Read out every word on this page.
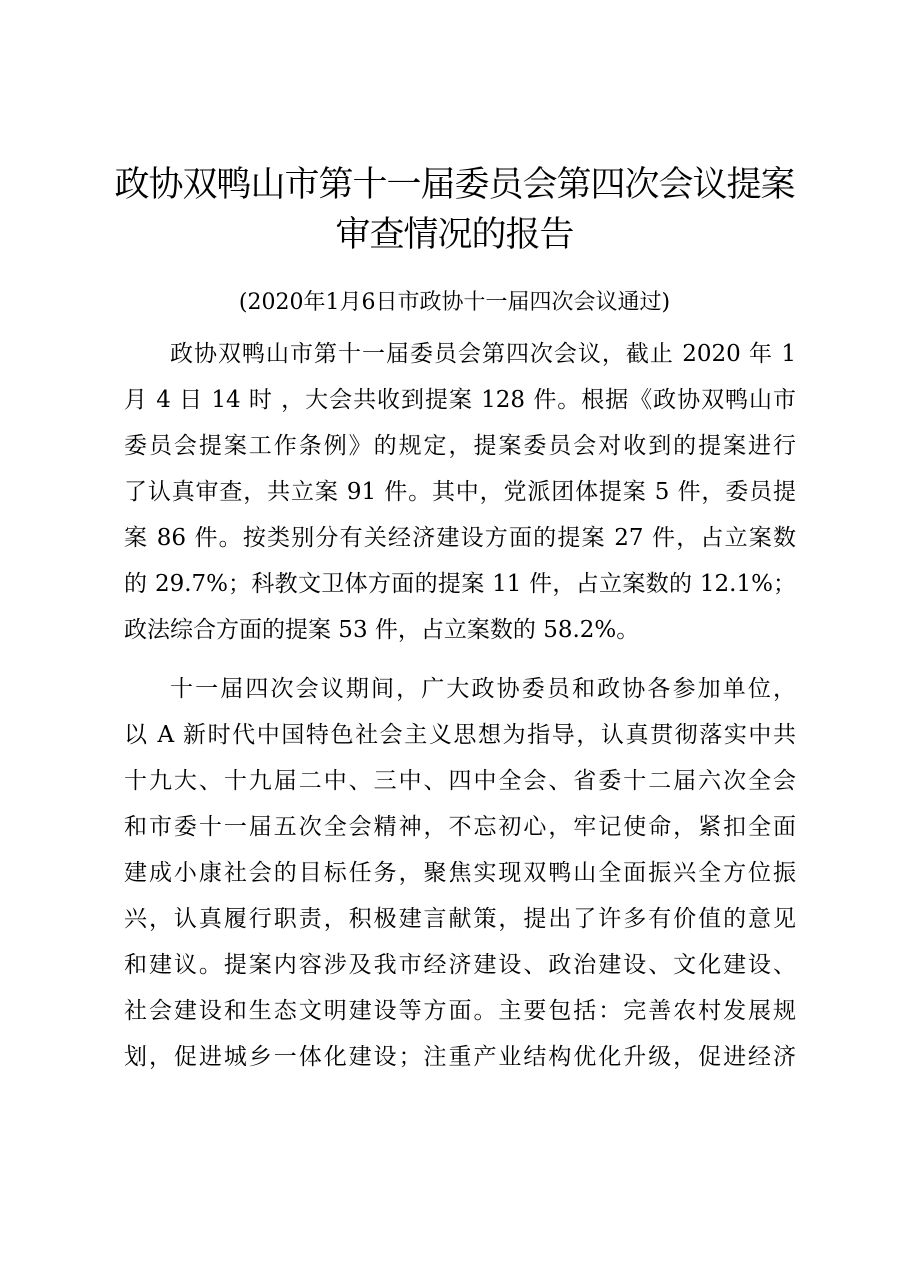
政协双鸭山市第十一届委员会第四次会议提案
审查情况的报告

(2020年1月6日市政协十一届四次会议通过)

政协双鸭山市第十一届委员会第四次会议，截止 2020 年 1
月 4 日 14 时 ，大会共收到提案 128 件。根据《政协双鸭山市
委员会提案工作条例》的规定，提案委员会对收到的提案进行
了认真审查，共立案 91 件。其中，党派团体提案 5 件，委员提
案 86 件。按类别分有关经济建设方面的提案 27 件，占立案数
的 29.7%；科教文卫体方面的提案 11 件，占立案数的 12.1%；
政法综合方面的提案 53 件，占立案数的 58.2%。
十一届四次会议期间，广大政协委员和政协各参加单位，
以 A 新时代中国特色社会主义思想为指导，认真贯彻落实中共
十九大、十九届二中、三中、四中全会、省委十二届六次全会
和市委十一届五次全会精神，不忘初心，牢记使命，紧扣全面
建成小康社会的目标任务，聚焦实现双鸭山全面振兴全方位振
兴，认真履行职责，积极建言献策，提出了许多有价值的意见
和建议。提案内容涉及我市经济建设、政治建设、文化建设、
社会建设和生态文明建设等方面。主要包括：完善农村发展规
划，促进城乡一体化建设；注重产业结构优化升级，促进经济
